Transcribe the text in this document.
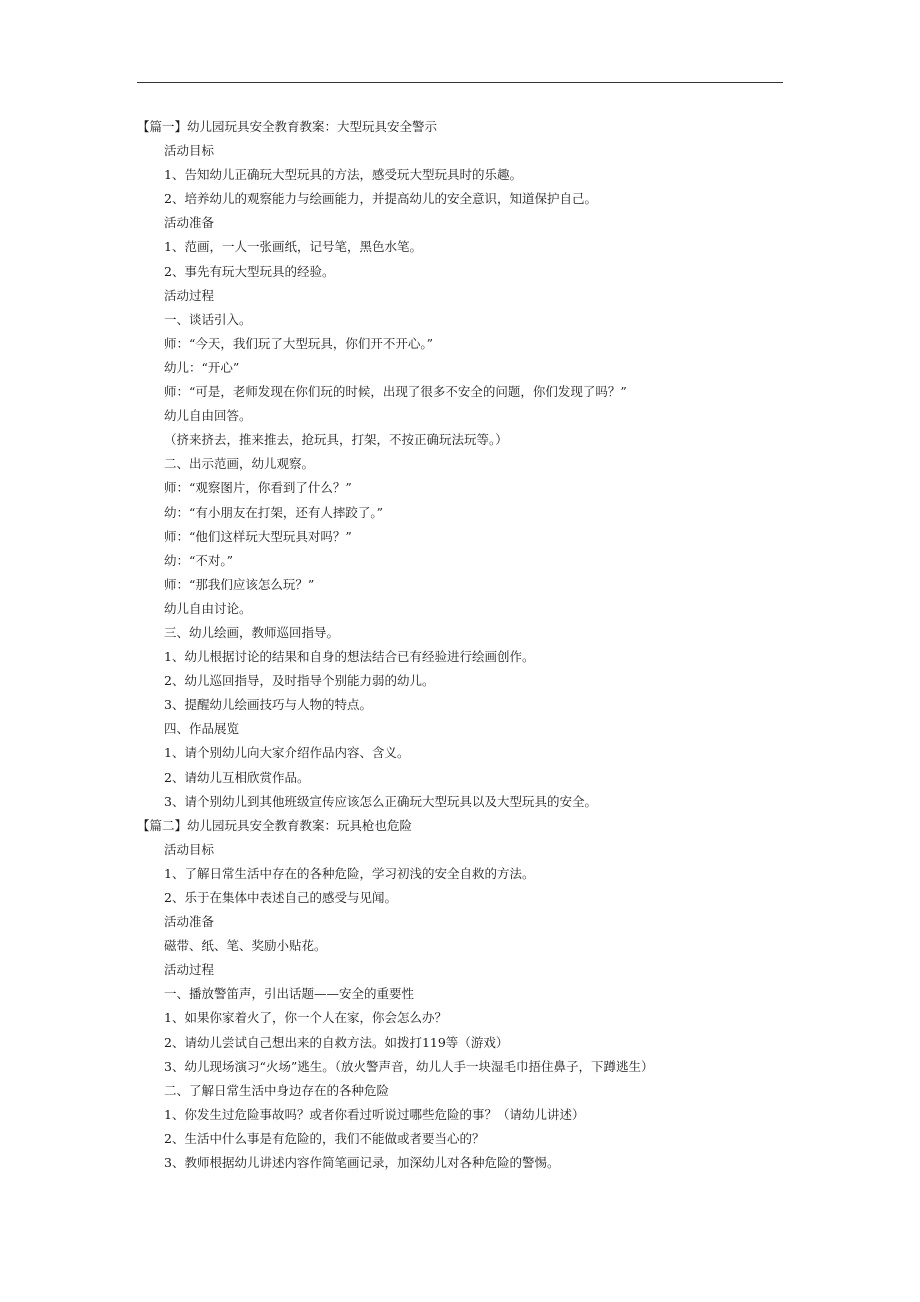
【篇一】幼儿园玩具安全教育教案：大型玩具安全警示
活动目标
1、告知幼儿正确玩大型玩具的方法，感受玩大型玩具时的乐趣。
2、培养幼儿的观察能力与绘画能力，并提高幼儿的安全意识，知道保护自己。
活动准备
1、范画，一人一张画纸，记号笔，黑色水笔。
2、事先有玩大型玩具的经验。
活动过程
一、谈话引入。
师：“今天，我们玩了大型玩具，你们开不开心。”
幼儿：“开心”
师：“可是，老师发现在你们玩的时候，出现了很多不安全的问题，你们发现了吗？”
幼儿自由回答。
（挤来挤去，推来推去，抢玩具，打架，不按正确玩法玩等。）
二、出示范画，幼儿观察。
师：“观察图片，你看到了什么？”
幼：“有小朋友在打架，还有人摔跤了。”
师：“他们这样玩大型玩具对吗？”
幼：“不对。”
师：“那我们应该怎么玩？”
幼儿自由讨论。
三、幼儿绘画，教师巡回指导。
1、幼儿根据讨论的结果和自身的想法结合已有经验进行绘画创作。
2、幼儿巡回指导，及时指导个别能力弱的幼儿。
3、提醒幼儿绘画技巧与人物的特点。
四、作品展览
1、请个别幼儿向大家介绍作品内容、含义。
2、请幼儿互相欣赏作品。
3、请个别幼儿到其他班级宣传应该怎么正确玩大型玩具以及大型玩具的安全。
【篇二】幼儿园玩具安全教育教案：玩具枪也危险
活动目标
1、了解日常生活中存在的各种危险，学习初浅的安全自救的方法。
2、乐于在集体中表述自己的感受与见闻。
活动准备
磁带、纸、笔、奖励小贴花。
活动过程
一、播放警笛声，引出话题——安全的重要性
1、如果你家着火了，你一个人在家，你会怎么办？
2、请幼儿尝试自己想出来的自救方法。如拨打119等（游戏）
3、幼儿现场演习“火场”逃生。（放火警声音，幼儿人手一块湿毛巾捂住鼻子，下蹲逃生）
二、了解日常生活中身边存在的各种危险
1、你发生过危险事故吗？或者你看过听说过哪些危险的事？（请幼儿讲述）
2、生活中什么事是有危险的，我们不能做或者要当心的？
3、教师根据幼儿讲述内容作简笔画记录，加深幼儿对各种危险的警惕。
